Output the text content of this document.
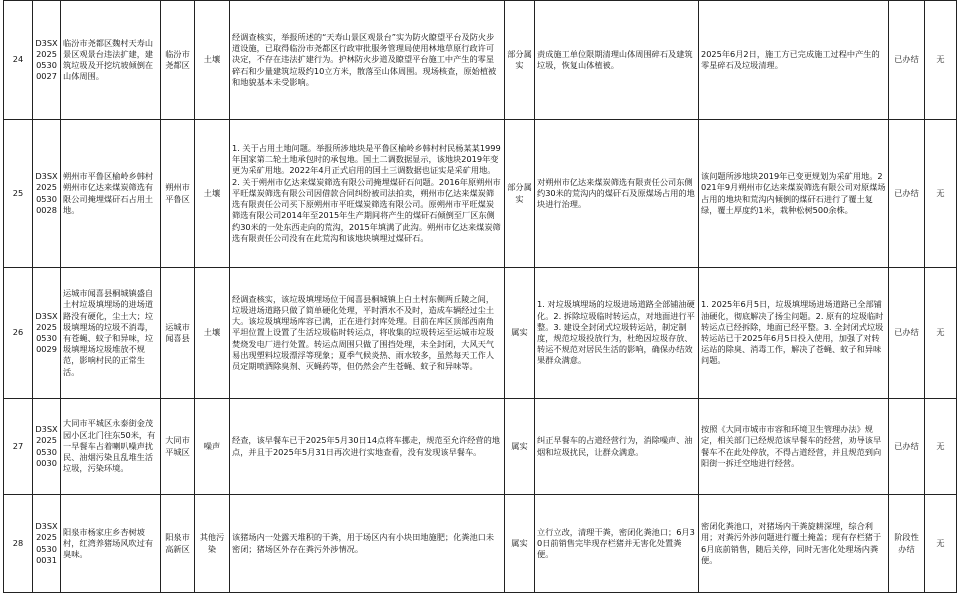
24	D3SX202505300027	临汾市尧都区魏村天寿山景区观景台违法扩建，建筑垃圾及开挖坑坡倾倒在山体周围。	临汾市尧都区	土壤	经调查核实，举报所述的“天寿山景区观景台”实为防火瞭望平台及防火步道设施，已取得临汾市尧都区行政审批服务管理局使用林地草原行政许可决定，不存在违法扩建行为。护林防火步道及瞭望平台施工中产生的零星碎石和少量建筑垃圾约10立方米，散落至山体周围。现场核查，原始植被和地貌基本未受影响。	部分属实	责成施工单位限期清理山体周围碎石及建筑垃圾，恢复山体植被。	2025年6月2日，施工方已完成施工过程中产生的零星碎石及垃圾清理。	已办结	无
25	D3SX202505300028	朔州市平鲁区榆岭乡韩村朔州市亿达来煤炭筛选有限公司掩埋煤矸石占用土地。	朔州市平鲁区	土壤	1. 关于占用土地问题。举报所涉地块是平鲁区榆岭乡韩村村民杨某某1999年国家第二轮土地承包时的承包地。国土二调数据显示，该地块2019年变更为采矿用地。2022年4月正式启用的国土三调数据也证实是采矿用地。2. 关于朔州市亿达来煤炭筛选有限公司掩埋煤矸石问题。2016年原朔州市平旺煤炭筛选有限公司因借款合同纠纷被司法拍卖，朔州市亿达来煤炭筛选有限责任公司买下原朔州市平旺煤炭筛选有限公司。原朔州市平旺煤炭筛选有限公司2014年至2015年生产期间将产生的煤矸石倾倒至厂区东侧约30米的一处东西走向的荒沟，2015年填满了此沟。朔州市亿达来煤炭筛选有限责任公司没有在此荒沟和该地块填埋过煤矸石。	部分属实	对朔州市亿达来煤炭筛选有限责任公司东侧约30米的荒沟内的煤矸石及原煤场占用的地块进行治理。	该问题所涉地块2019年已变更规划为采矿用地。2021年9月朔州市亿达来煤炭筛选有限公司对原煤场占用的地块和荒沟内倾倒的煤矸石进行了覆土复绿，覆土厚度约1米，栽种松树500余株。	已办结	无
26	D3SX202505300029	运城市闻喜县桐城镇盛自土村垃圾填埋场的进场道路没有硬化，尘土大；垃圾填埋场的垃圾不消毒，有苍蝇、蚊子和异味，垃圾填埋场垃圾堆放不规范，影响村民的正常生活。	运城市闻喜县	土壤	经调查核实，该垃圾填埋场位于闻喜县桐城镇上白土村东侧两丘陵之间，垃圾进场道路只做了简单硬化处理，平时洒水不及时，造成车辆经过尘土大。该垃圾填埋场库容已满，正在进行封库处理。目前在库区顶部西南角平坦位置上设置了生活垃圾临时转运点，将收集的垃圾转运至运城市垃圾焚烧发电厂进行处置。转运点周围只做了围挡处理，未全封闭，大风天气易出现塑料垃圾漂浮等现象；夏季气候炎热、雨水较多，虽然每天工作人员定期喷洒除臭剂、灭蝇药等，但仍然会产生苍蝇、蚊子和异味等。	属实	1. 对垃圾填埋场的垃圾进场道路全部铺油硬化。2. 拆除垃圾临时转运点，对地面进行平整。3. 建设全封闭式垃圾转运站，制定制度，规范垃圾投放行为，杜绝因垃圾存放、转运不规范对居民生活的影响，确保办结效果群众满意。	1. 2025年6月5日，垃圾填埋场进场道路已全部铺油硬化，彻底解决了扬尘问题。2. 原有的垃圾临时转运点已经拆除，地面已经平整。3. 全封闭式垃圾转运站已于2025年6月5日投入使用，加强了对转运站的除臭、消毒工作，解决了苍蝇、蚊子和异味问题。	已办结	无
27	D3SX202505300030	大同市平城区永泰街金茂园小区北门往东50米，有一早餐车占着喇叭噪声扰民、油烟污染且乱堆生活垃圾，污染环境。	大同市平城区	噪声	经查，该早餐车已于2025年5月30日14点将车挪走，规范至允许经营的地点，并且于2025年5月31日再次进行实地查看，没有发现该早餐车。	属实	纠正早餐车的占道经营行为，消除噪声、油烟和垃圾扰民，让群众满意。	按照《大同市城市市容和环境卫生管理办法》规定，相关部门已经规范该早餐车的经营，劝导该早餐车不在此处停放，不得占道经营，并且规范到向阳街一拆迁空地进行经营。	已办结	无
28	D3SX202505300031	阳泉市杨家庄乡杏树坡村，红湾养猪场风吹过有臭味。	阳泉市高新区	其他污染	该猪场内一处露天堆积的干粪，用于场区内有小块田地施肥；化粪池口未密闭；猪场区外存在粪污外涉情况。	属实	立行立改，清理干粪，密闭化粪池口；6月30日前销售完毕现存栏猪并无害化处置粪便。	密闭化粪池口，对猪场内干粪旋耕深埋，综合利用；对粪污外涉问题进行覆土掩盖；现有存栏猪于6月底前销售，随后关停，同时无害化处理场内粪便。	阶段性办结	无
